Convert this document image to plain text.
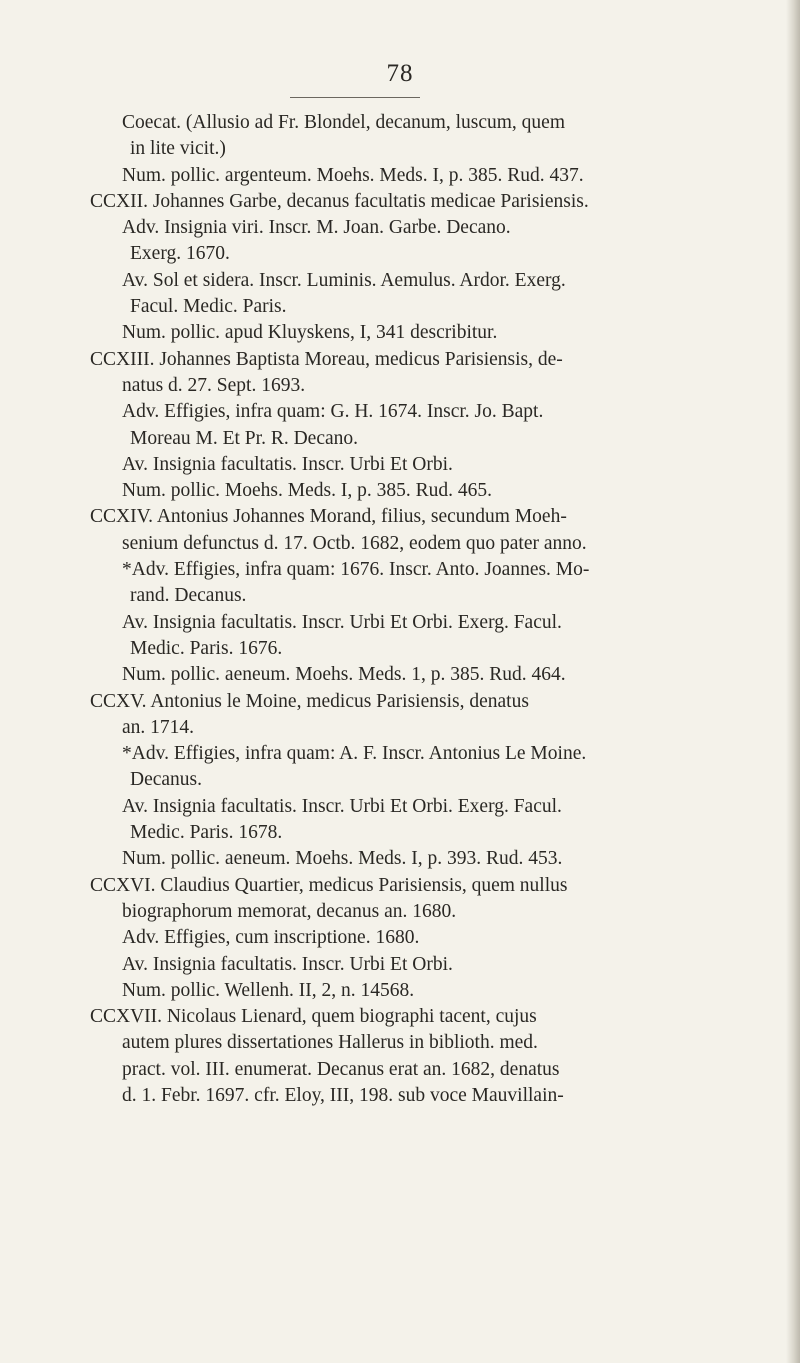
78
Coecat. (Allusio ad Fr. Blondel, decanum, luscum, quem
in lite vicit.)
Num. pollic. argenteum. Moehs. Meds. I, p. 385. Rud. 437.
CCXII. Johannes Garbe, decanus facultatis medicae Parisiensis.
Adv. Insignia viri. Inscr. M. Joan. Garbe. Decano.
Exerg. 1670.
Av. Sol et sidera. Inscr. Luminis. Aemulus. Ardor. Exerg.
Facul. Medic. Paris.
Num. pollic. apud Kluyskens, I, 341 describitur.
CCXIII. Johannes Baptista Moreau, medicus Parisiensis, de-
natus d. 27. Sept. 1693.
Adv. Effigies, infra quam: G. H. 1674. Inscr. Jo. Bapt.
Moreau M. Et Pr. R. Decano.
Av. Insignia facultatis. Inscr. Urbi Et Orbi.
Num. pollic. Moehs. Meds. I, p. 385. Rud. 465.
CCXIV. Antonius Johannes Morand, filius, secundum Moeh-
senium defunctus d. 17. Octb. 1682, eodem quo pater anno.
*Adv. Effigies, infra quam: 1676. Inscr. Anto. Joannes. Mo-
rand. Decanus.
Av. Insignia facultatis. Inscr. Urbi Et Orbi. Exerg. Facul.
Medic. Paris. 1676.
Num. pollic. aeneum. Moehs. Meds. 1, p. 385. Rud. 464.
CCXV. Antonius le Moine, medicus Parisiensis, denatus
an. 1714.
*Adv. Effigies, infra quam: A. F. Inscr. Antonius Le Moine.
Decanus.
Av. Insignia facultatis. Inscr. Urbi Et Orbi. Exerg. Facul.
Medic. Paris. 1678.
Num. pollic. aeneum. Moehs. Meds. I, p. 393. Rud. 453.
CCXVI. Claudius Quartier, medicus Parisiensis, quem nullus
biographorum memorat, decanus an. 1680.
Adv. Effigies, cum inscriptione. 1680.
Av. Insignia facultatis. Inscr. Urbi Et Orbi.
Num. pollic. Wellenh. II, 2, n. 14568.
CCXVII. Nicolaus Lienard, quem biographi tacent, cujus
autem plures dissertationes Hallerus in biblioth. med.
pract. vol. III. enumerat. Decanus erat an. 1682, denatus
d. 1. Febr. 1697. cfr. Eloy, III, 198. sub voce Mauvillain-
